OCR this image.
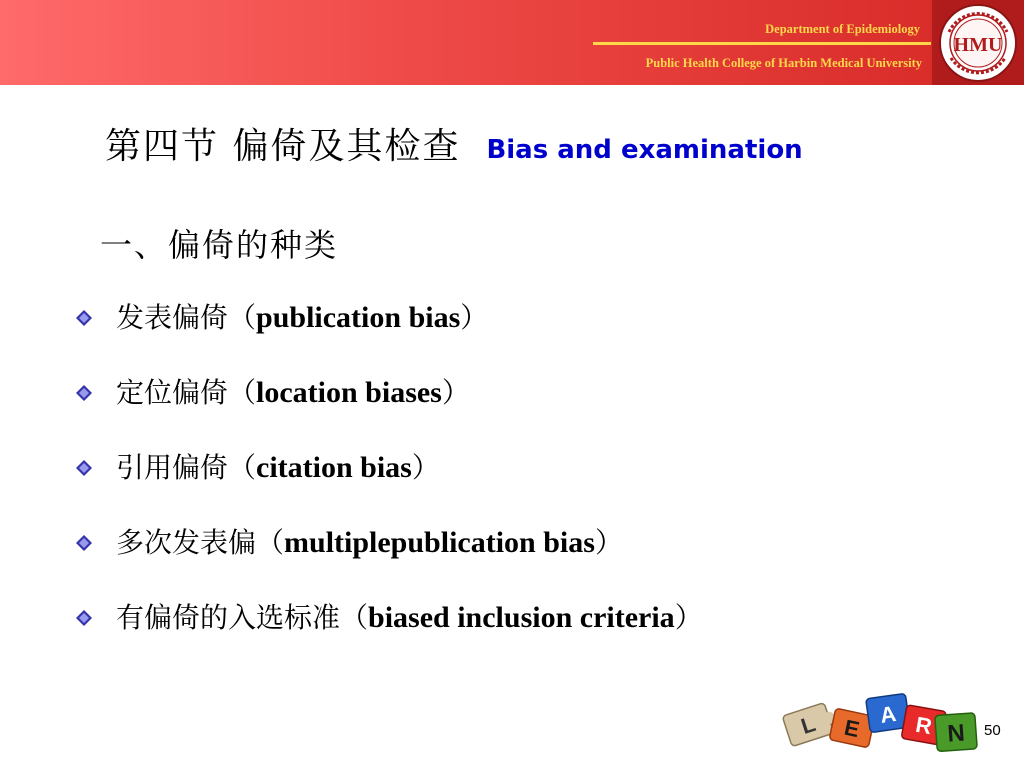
Department of Epidemiology
Public Health College of Harbin Medical University
HMU
第四节 偏倚及其检查 Bias and examination
一、偏倚的种类
发表偏倚（publication bias）
定位偏倚（location biases）
引用偏倚（citation bias）
多次发表偏（multiplepublication bias）
有偏倚的入选标准（biased inclusion criteria）
L E
A R N 50
